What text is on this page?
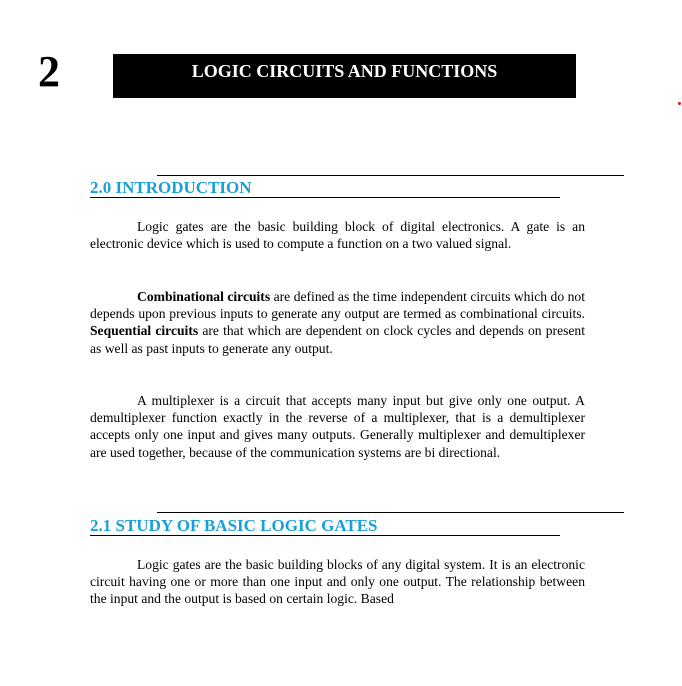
2	LOGIC CIRCUITS AND FUNCTIONS
2.0 INTRODUCTION

Logic gates are the basic building block of digital electronics. A gate is an electronic device which is used to compute a function on a two valued signal.

Combinational circuits are defined as the time independent circuits which do not depends upon previous inputs to generate any output are termed as combinational circuits. Sequential circuits are that which are dependent on clock cycles and depends on present as well as past inputs to generate any output.

A multiplexer is a circuit that accepts many input but give only one output. A demultiplexer function exactly in the reverse of a multiplexer, that is a demultiplexer accepts only one input and gives many outputs. Generally multiplexer and demultiplexer are used together, because of the communication systems are bi directional.

2.1 STUDY OF BASIC LOGIC GATES

Logic gates are the basic building blocks of any digital system. It is an electronic circuit having one or more than one input and only one output. The relationship between the input and the output is based on certain logic. Based
